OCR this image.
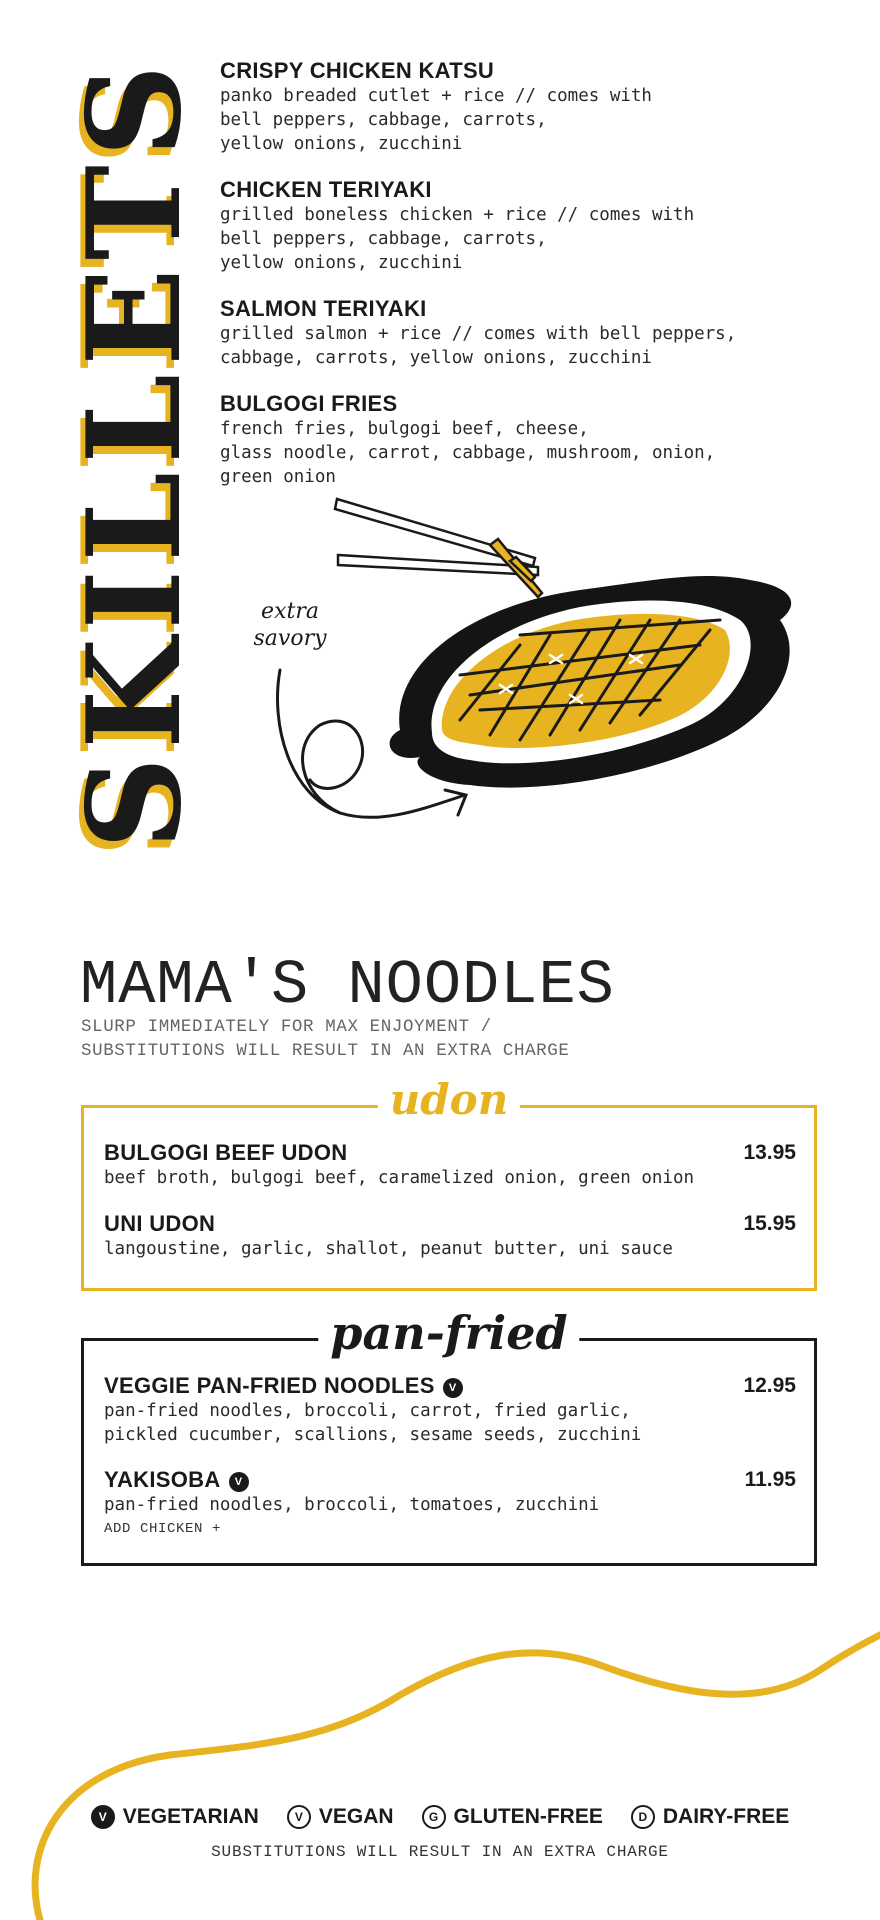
SKILLETS CRISPY CHICKEN KATSU
panko breaded cutlet + rice // comes with
bell peppers, cabbage, carrots,
yellow onions, zucchini
CHICKEN TERIYAKI
grilled boneless chicken + rice // comes with
bell peppers, cabbage, carrots,
yellow onions, zucchini
SALMON TERIYAKI
grilled salmon + rice // comes with bell peppers,
cabbage, carrots, yellow onions, zucchini
BULGOGI FRIES
french fries, bulgogi beef, cheese,
glass noodle, carrot, cabbage, mushroom, onion,
green onion
extra
savory
MAMA'S NOODLES
SLURP IMMEDIATELY FOR MAX ENJOYMENT /
SUBSTITUTIONS WILL RESULT IN AN EXTRA CHARGE
udon
BULGOGI BEEF UDON	13.95
beef broth, bulgogi beef, caramelized onion, green onion
UNI UDON	15.95
langoustine, garlic, shallot, peanut butter, uni sauce
pan-fried
VEGGIE PAN-FRIED NOODLES V	12.95
pan-fried noodles, broccoli, carrot, fried garlic,
pickled cucumber, scallions, sesame seeds, zucchini
YAKISOBA V	11.95
pan-fried noodles, broccoli, tomatoes, zucchini
ADD CHICKEN +
V VEGETARIAN	V VEGAN	G GLUTEN-FREE	D DAIRY-FREE
SUBSTITUTIONS WILL RESULT IN AN EXTRA CHARGE
